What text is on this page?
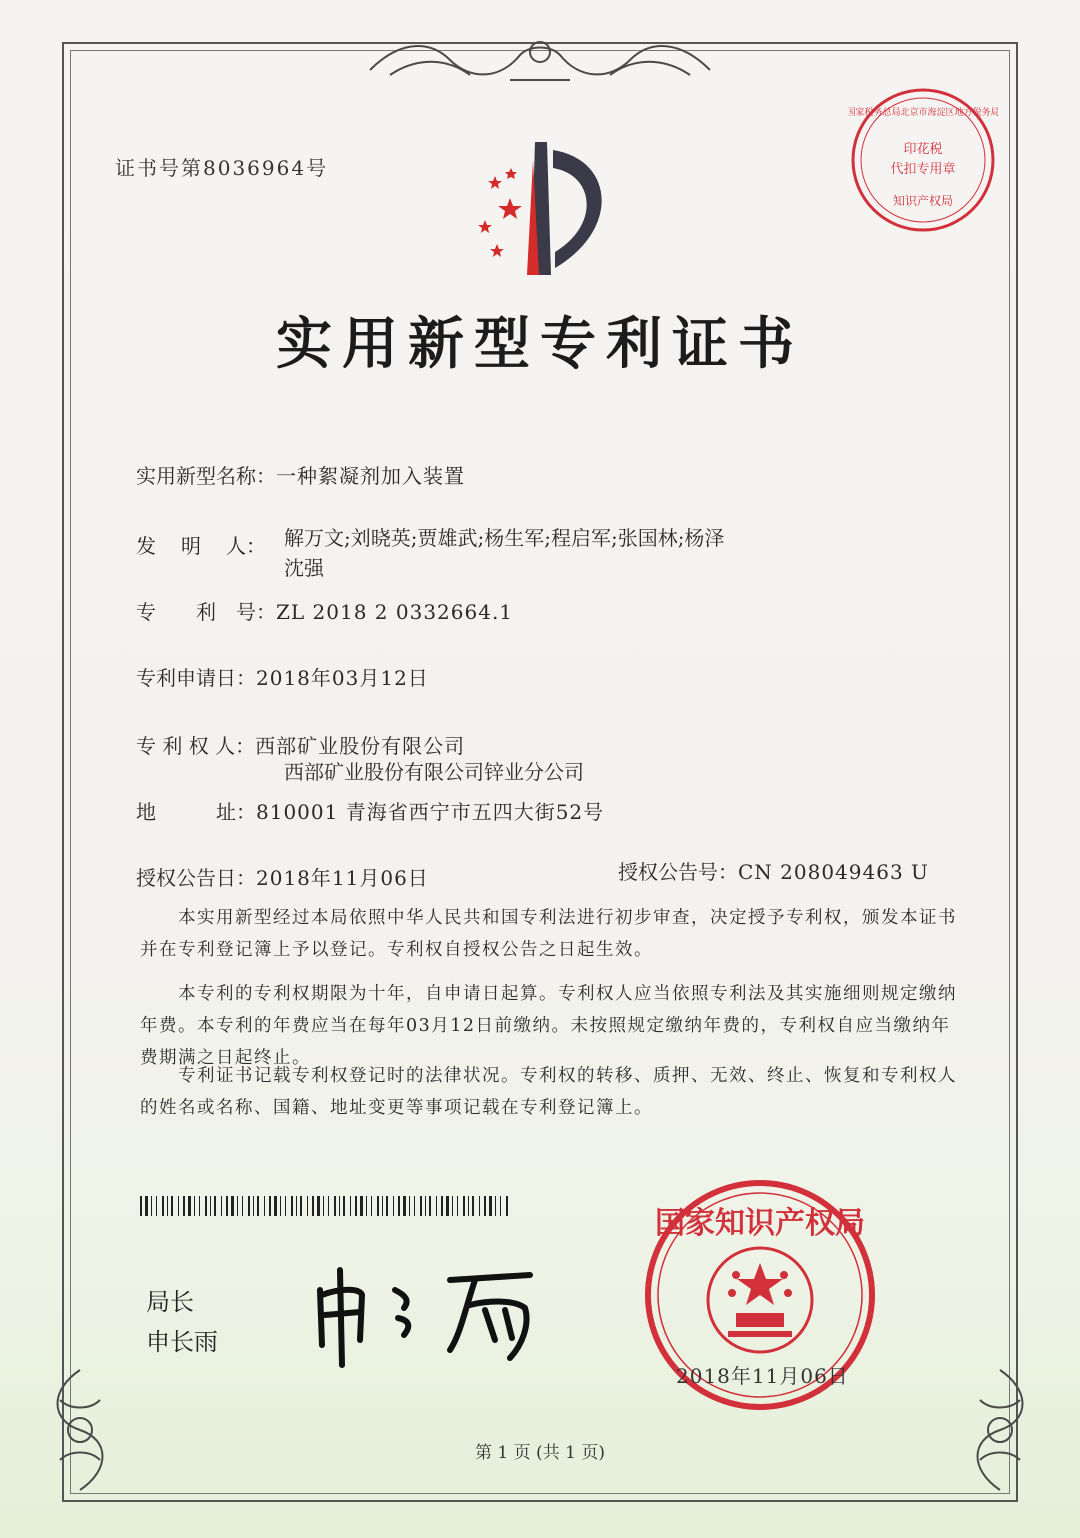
证书号第8036964号
印花税
代扣专用章
知识产权局
国家税务总局北京市海淀区地方税务局
实用新型专利证书
实用新型名称：一种絮凝剂加入装置
发 明 人： 解万文;刘晓英;贾雄武;杨生军;程启军;张国林;杨泽
沈强
专　　利　号：ZL 2018 2 0332664.1
专利申请日：2018年03月12日
专 利 权 人：西部矿业股份有限公司
西部矿业股份有限公司锌业分公司
地　　　址：810001 青海省西宁市五四大街52号
授权公告日：2018年11月06日	授权公告号：CN 208049463 U
　　本实用新型经过本局依照中华人民共和国专利法进行初步审查，决定授予专利权，颁发本证书并在专利登记簿上予以登记。专利权自授权公告之日起生效。
　　本专利的专利权期限为十年，自申请日起算。专利权人应当依照专利法及其实施细则规定缴纳年费。本专利的年费应当在每年03月12日前缴纳。未按照规定缴纳年费的，专利权自应当缴纳年费期满之日起终止。
　　专利证书记载专利权登记时的法律状况。专利权的转移、质押、无效、终止、恢复和专利权人的姓名或名称、国籍、地址变更等事项记载在专利登记簿上。
局长
申长雨
国家知识产权局
2018年11月06日
第 1 页 (共 1 页)
